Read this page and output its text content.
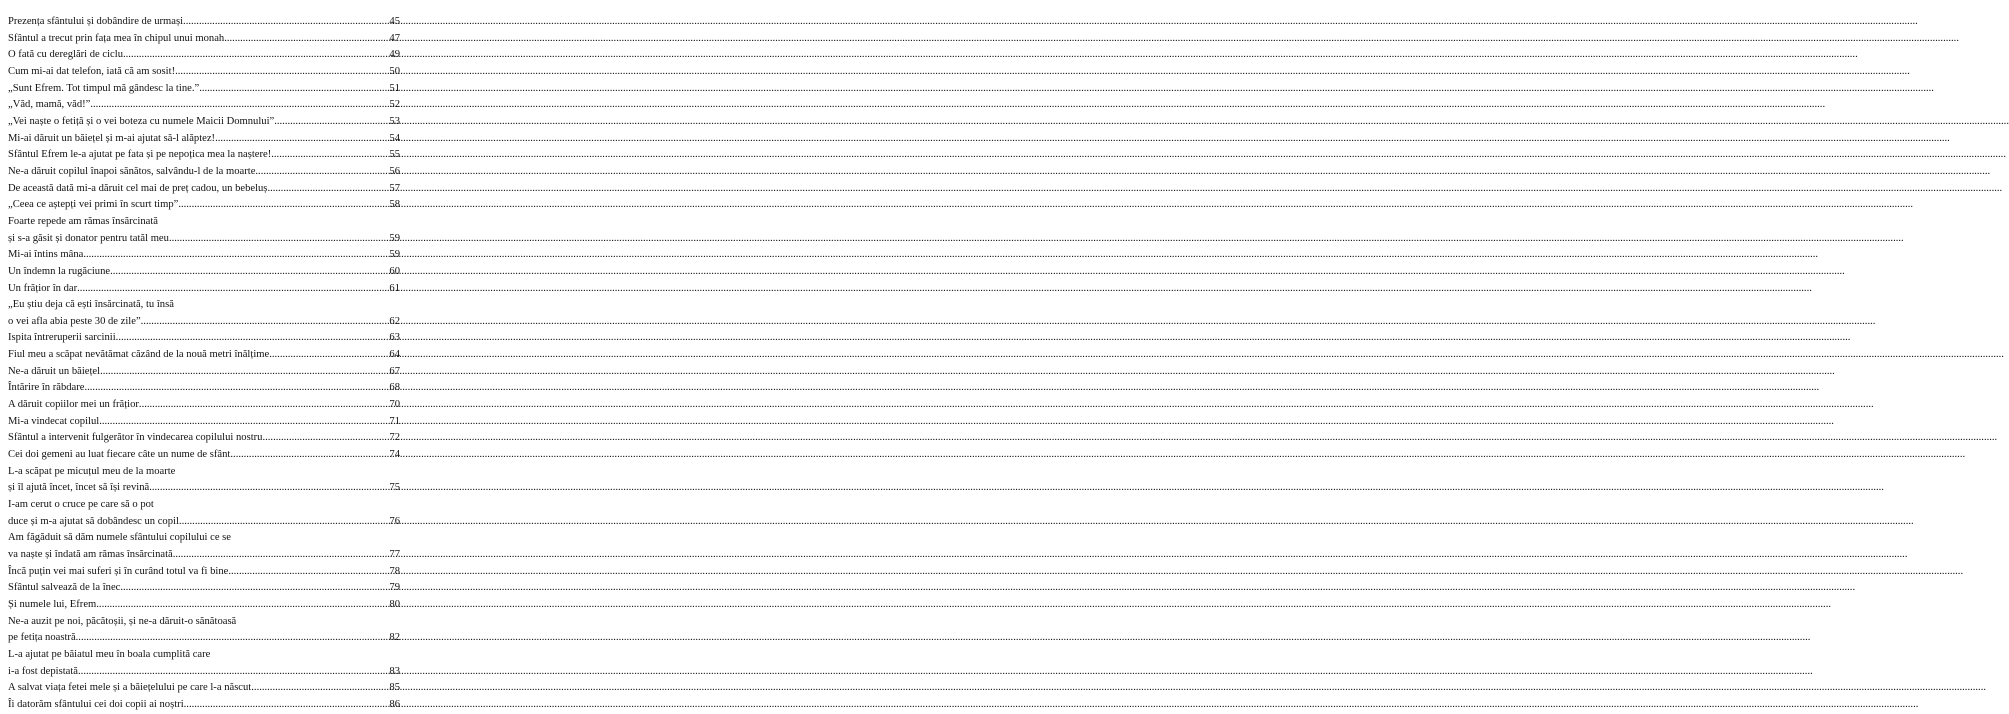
Prezența sfântului și dobândire de urmași .....	45
Sfântul a trecut prin fața mea în chipul unui monah .....	47
O fată cu dereglări de ciclu .....	49
Cum mi-ai dat telefon, iată că am sosit! .....	50
„Sunt Efrem. Tot timpul mă gândesc la tine.” .....	51
„Văd, mamă, văd!” .....	52
„Vei naște o fetiță și o vei boteza cu numele Maicii Domnului” .....	53
Mi-ai dăruit un băiețel și m-ai ajutat să-l alăptez! .....	54
Sfântul Efrem le-a ajutat pe fata și pe nepoțica mea la naștere! .....	55
Ne-a dăruit copilul înapoi sănătos, salvându-l de la moarte .....	56
De această dată mi-a dăruit cel mai de preț cadou, un bebeluș .....	57
„Ceea ce aștepți vei primi în scurt timp” .....	58
Foarte repede am rămas însărcinată
și s-a găsit și donator pentru tatăl meu .....	59
Mi-ai întins mâna .....	59
Un îndemn la rugăciune .....	60
Un frățior în dar .....	61
„Eu știu deja că ești însărcinată, tu însă
o vei afla abia peste 30 de zile” .....	62
Ispita întreruperii sarcinii .....	63
Fiul meu a scăpat nevătămat căzând de la nouă metri înălțime .....	64
Ne-a dăruit un băiețel .....	67
Întărire în răbdare .....	68
A dăruit copiilor mei un frățior .....	70
Mi-a vindecat copilul .....	71
Sfântul a intervenit fulgerător în vindecarea copilului nostru .....	72
Cei doi gemeni au luat fiecare câte un nume de sfânt .....	74
L-a scăpat pe micuțul meu de la moarte
și îl ajută încet, încet să își revină .....	75
I-am cerut o cruce pe care să o pot
duce și m-a ajutat să dobândesc un copil .....	76
Am făgăduit să dăm numele sfântului copilului ce se
va naște și îndată am rămas însărcinată .....	77
Încă puțin vei mai suferi și în curând totul va fi bine .....	78
Sfântul salvează de la înec .....	79
Și numele lui, Efrem .....	80
Ne-a auzit pe noi, păcătoșii, și ne-a dăruit-o sănătoasă
pe fetița noastră .....	82
L-a ajutat pe băiatul meu în boala cumplită care
i-a fost depistată .....	83
A salvat viața fetei mele și a băiețelului pe care l-a născut .....	85
Îi datorăm sfântului cei doi copii ai noștri .....	86
